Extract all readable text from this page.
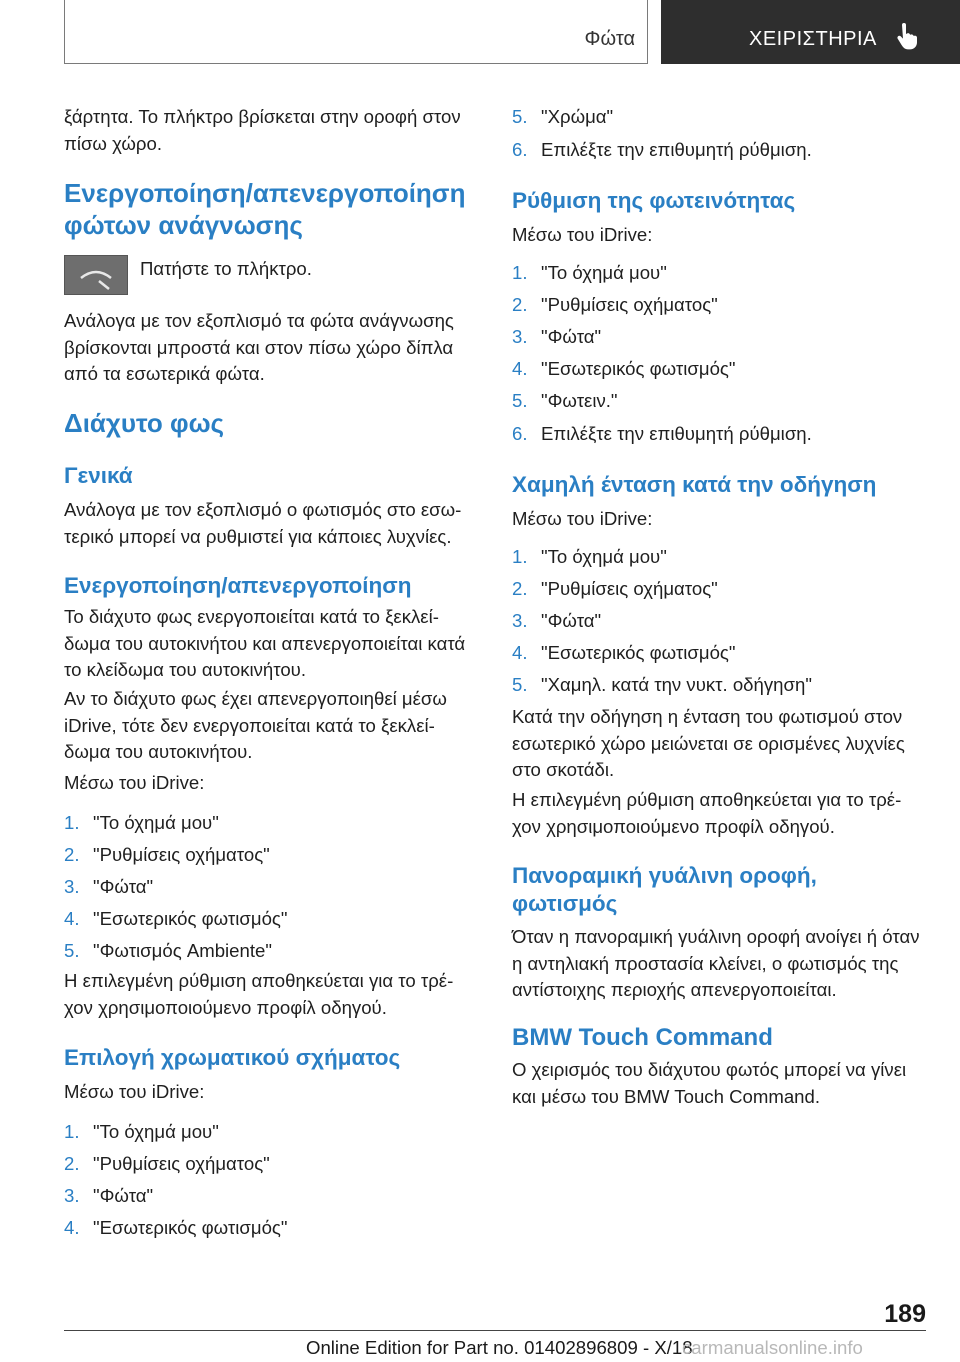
Φώτα	ΧΕΙΡΙΣΤΗΡΙΑ

ξάρτητα. Το πλήκτρο βρίσκεται στην οροφή στον πίσω χώρο.

Ενεργοποίηση/απενεργοποίηση

φώτων ανάγνωσης

Πατήστε το πλήκτρο.

Ανάλογα με τον εξοπλισμό τα φώτα ανάγνωσης βρίσκονται μπροστά και στον πίσω χώρο δίπλα από τα εσωτερικά φώτα.

Διάχυτο φως

Γενικά

Ανάλογα με τον εξοπλισμό ο φωτισμός στο εσω-τερικό μπορεί να ρυθμιστεί για κάποιες λυχνίες.

Ενεργοποίηση/απενεργοποίηση

Το διάχυτο φως ενεργοποιείται κατά το ξεκλεί-δωμα του αυτοκινήτου και απενεργοποιείται κατά το κλείδωμα του αυτοκινήτου.

Αν το διάχυτο φως έχει απενεργοποιηθεί μέσω iDrive, τότε δεν ενεργοποιείται κατά το ξεκλεί-δωμα του αυτοκινήτου.

Μέσω του iDrive:

1. "Το όχημά μου"
2. "Ρυθμίσεις οχήματος"
3. "Φώτα"
4. "Εσωτερικός φωτισμός"
5. "Φωτισμός Ambiente"

Η επιλεγμένη ρύθμιση αποθηκεύεται για το τρέ-χον χρησιμοποιούμενο προφίλ οδηγού.

Επιλογή χρωματικού σχήματος

Μέσω του iDrive:

1. "Το όχημά μου"
2. "Ρυθμίσεις οχήματος"
3. "Φώτα"
4. "Εσωτερικός φωτισμός"
5. "Χρώμα"
6. Επιλέξτε την επιθυμητή ρύθμιση.

Ρύθμιση της φωτεινότητας

Μέσω του iDrive:

1. "Το όχημά μου"
2. "Ρυθμίσεις οχήματος"
3. "Φώτα"
4. "Εσωτερικός φωτισμός"
5. "Φωτειν."
6. Επιλέξτε την επιθυμητή ρύθμιση.

Χαμηλή ένταση κατά την οδήγηση

Μέσω του iDrive:

1. "Το όχημά μου"
2. "Ρυθμίσεις οχήματος"
3. "Φώτα"
4. "Εσωτερικός φωτισμός"
5. "Χαμηλ. κατά την νυκτ. οδήγηση"

Κατά την οδήγηση η ένταση του φωτισμού στον εσωτερικό χώρο μειώνεται σε ορισμένες λυχνίες στο σκοτάδι.

Η επιλεγμένη ρύθμιση αποθηκεύεται για το τρέ-χον χρησιμοποιούμενο προφίλ οδηγού.

Πανοραμική γυάλινη οροφή,

φωτισμός

Όταν η πανοραμική γυάλινη οροφή ανοίγει ή όταν η αντηλιακή προστασία κλείνει, ο φωτισμός της αντίστοιχης περιοχής απενεργοποιείται.

BMW Touch Command

Ο χειρισμός του διάχυτου φωτός μπορεί να γίνει και μέσω του BMW Touch Command.

189
Online Edition for Part no. 01402896809 - X/18
carmanualsonline.info
